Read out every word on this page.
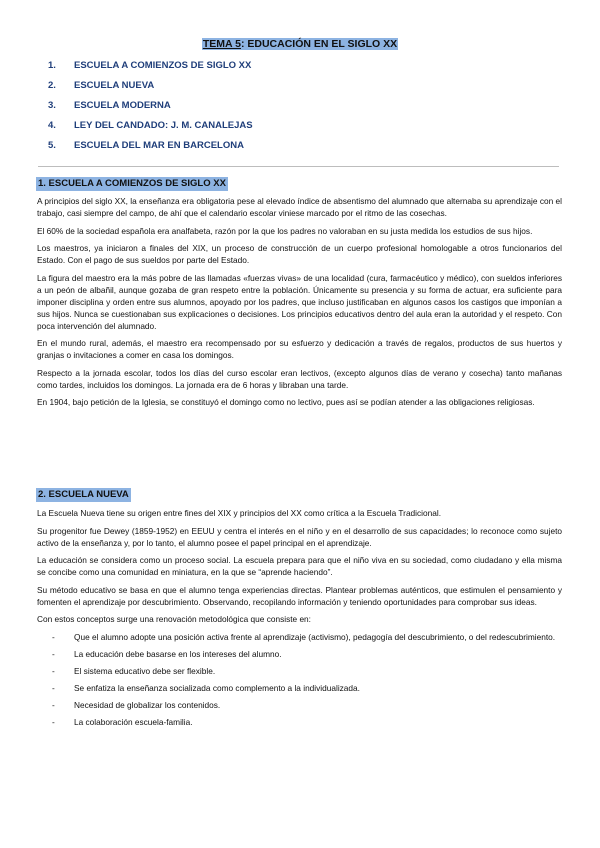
TEMA 5: EDUCACIÓN EN EL SIGLO XX
1. ESCUELA A COMIENZOS DE SIGLO XX
2. ESCUELA NUEVA
3. ESCUELA MODERNA
4. LEY DEL CANDADO: J. M. CANALEJAS
5. ESCUELA DEL MAR EN BARCELONA
1. ESCUELA A COMIENZOS DE SIGLO XX

A principios del siglo XX, la enseñanza era obligatoria pese al elevado índice de absentismo del alumnado que alternaba su aprendizaje con el trabajo, casi siempre del campo, de ahí que el calendario escolar viniese marcado por el ritmo de las cosechas.

El 60% de la sociedad española era analfabeta, razón por la que los padres no valoraban en su justa medida los estudios de sus hijos.

Los maestros, ya iniciaron a finales del XIX, un proceso de construcción de un cuerpo profesional homologable a otros funcionarios del Estado. Con el pago de sus sueldos por parte del Estado.

La figura del maestro era la más pobre de las llamadas «fuerzas vivas» de una localidad (cura, farmacéutico y médico), con sueldos inferiores a un peón de albañil, aunque gozaba de gran respeto entre la población. Únicamente su presencia y su forma de actuar, era suficiente para imponer disciplina y orden entre sus alumnos, apoyado por los padres, que incluso justificaban en algunos casos los castigos que imponían a sus hijos. Nunca se cuestionaban sus explicaciones o decisiones. Los principios educativos dentro del aula eran la autoridad y el respeto. Con poca intervención del alumnado.

En el mundo rural, además, el maestro era recompensado por su esfuerzo y dedicación a través de regalos, productos de sus huertos y granjas o invitaciones a comer en casa los domingos.

Respecto a la jornada escolar, todos los días del curso escolar eran lectivos, (excepto algunos días de verano y cosecha) tanto mañanas como tardes, incluidos los domingos. La jornada era de 6 horas y libraban una tarde.

En 1904, bajo petición de la Iglesia, se constituyó el domingo como no lectivo, pues así se podían atender a las obligaciones religiosas.

2. ESCUELA NUEVA

La Escuela Nueva tiene su origen entre fines del XIX y principios del XX como crítica a la Escuela Tradicional.

Su progenitor fue Dewey (1859-1952) en EEUU y centra el interés en el niño y en el desarrollo de sus capacidades; lo reconoce como sujeto activo de la enseñanza y, por lo tanto, el alumno posee el papel principal en el aprendizaje.

La educación se considera como un proceso social. La escuela prepara para que el niño viva en su sociedad, como ciudadano y ella misma se concibe como una comunidad en miniatura, en la que se “aprende haciendo”.

Su método educativo se basa en que el alumno tenga experiencias directas. Plantear problemas auténticos, que estimulen el pensamiento y fomenten el aprendizaje por descubrimiento. Observando, recopilando información y teniendo oportunidades para comprobar sus ideas.

Con estos conceptos surge una renovación metodológica que consiste en:

- Que el alumno adopte una posición activa frente al aprendizaje (activismo), pedagogía del descubrimiento, o del redescubrimiento.
- La educación debe basarse en los intereses del alumno.
- El sistema educativo debe ser flexible.
- Se enfatiza la enseñanza socializada como complemento a la individualizada.
- Necesidad de globalizar los contenidos.
- La colaboración escuela-familia.
